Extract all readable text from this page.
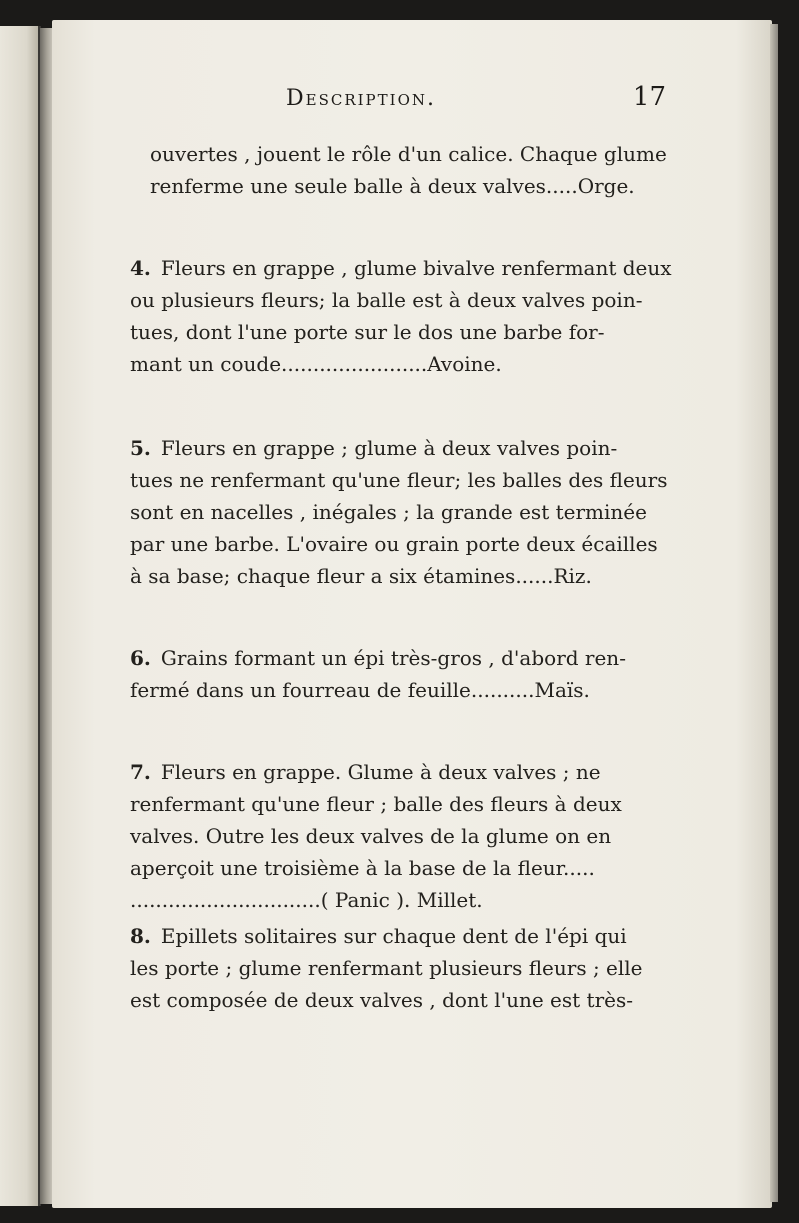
Description.	17
ouvertes , jouent le rôle d'un calice. Chaque glume
renferme une seule balle à deux valves.....Orge.
4. Fleurs en grappe , glume bivalve renfermant deux
ou plusieurs fleurs; la balle est à deux valves poin-
tues, dont l'une porte sur le dos une barbe for-
mant un coude.......................Avoine.
5. Fleurs en grappe ; glume à deux valves poin-
tues ne renfermant qu'une fleur; les balles des fleurs
sont en nacelles , inégales ; la grande est terminée
par une barbe. L'ovaire ou grain porte deux écailles
à sa base; chaque fleur a six étamines......Riz.
6. Grains formant un épi très-gros , d'abord ren-
fermé dans un fourreau de feuille..........Maïs.
7. Fleurs en grappe. Glume à deux valves ; ne
renfermant qu'une fleur ; balle des fleurs à deux
valves. Outre les deux valves de la glume on en
aperçoit une troisième à la base de la fleur.....
..............................( Panic ). Millet.
8. Epillets solitaires sur chaque dent de l'épi qui
les porte ; glume renfermant plusieurs fleurs ; elle
est composée de deux valves , dont l'une est très-
